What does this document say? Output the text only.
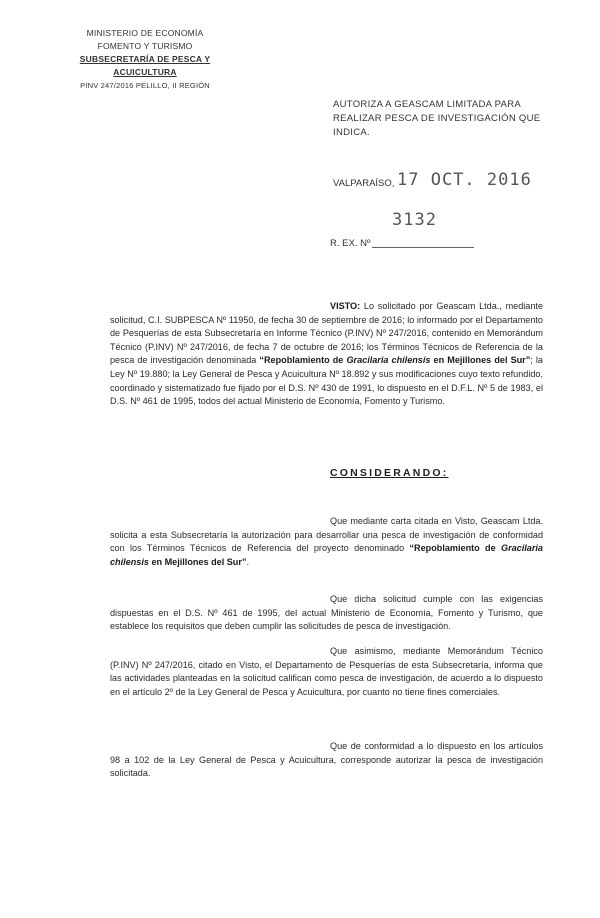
MINISTERIO DE ECONOMÍA
FOMENTO Y TURISMO
SUBSECRETARÍA DE PESCA Y ACUICULTURA
PINV 247/2016 PELILLO, II REGIÓN
AUTORIZA A GEASCAM LIMITADA PARA REALIZAR PESCA DE INVESTIGACIÓN QUE INDICA.
VALPARAÍSO, 17 OCT. 2016
3132
R. EX. Nº
VISTO: Lo solicitado por Geascam Ltda., mediante solicitud, C.I. SUBPESCA Nº 11950, de fecha 30 de septiembre de 2016; lo informado por el Departamento de Pesquerías de esta Subsecretaría en Informe Técnico (P.INV) Nº 247/2016, contenido en Memorándum Técnico (P.INV) Nº 247/2016, de fecha 7 de octubre de 2016; los Términos Técnicos de Referencia de la pesca de investigación denominada “Repoblamiento de Gracilaria chilensis en Mejillones del Sur”; la Ley Nº 19.880; la Ley General de Pesca y Acuicultura Nº 18.892 y sus modificaciones cuyo texto refundido, coordinado y sistematizado fue fijado por el D.S. Nº 430 de 1991, lo dispuesto en el D.F.L. Nº 5 de 1983, el D.S. Nº 461 de 1995, todos del actual Ministerio de Economía, Fomento y Turismo.
CONSIDERANDO:
Que mediante carta citada en Visto, Geascam Ltda. solicita a esta Subsecretaría la autorización para desarrollar una pesca de investigación de conformidad con los Términos Técnicos de Referencia del proyecto denominado “Repoblamiento de Gracilaria chilensis en Mejillones del Sur”.
Que dicha solicitud cumple con las exigencias dispuestas en el D.S. Nº 461 de 1995, del actual Ministerio de Economía, Fomento y Turismo, que establece los requisitos que deben cumplir las solicitudes de pesca de investigación.
Que asimismo, mediante Memorándum Técnico (P.INV) Nº 247/2016, citado en Visto, el Departamento de Pesquerías de esta Subsecretaría, informa que las actividades planteadas en la solicitud califican como pesca de investigación, de acuerdo a lo dispuesto en el artículo 2º de la Ley General de Pesca y Acuicultura, por cuanto no tiene fines comerciales.
Que de conformidad a lo dispuesto en los artículos 98 a 102 de la Ley General de Pesca y Acuicultura, corresponde autorizar la pesca de investigación solicitada.
